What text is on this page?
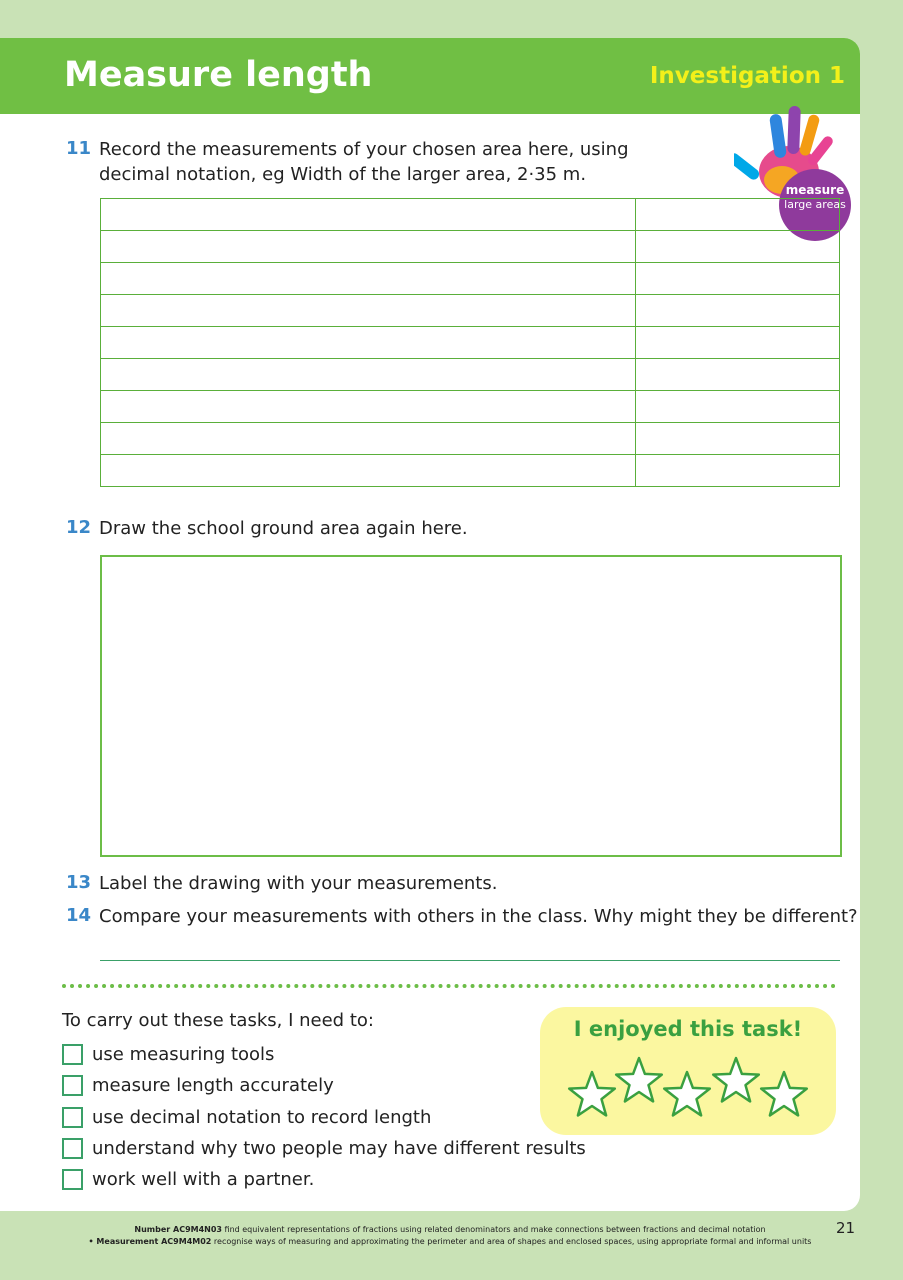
Measure length	Investigation 1
measure
large areas
11 Record the measurements of your chosen area here, using decimal notation, eg Width of the larger area, 2·35 m.

12 Draw the school ground area again here.
13 Label the drawing with your measurements.
14 Compare your measurements with others in the class. Why might they be different?
To carry out these tasks, I need to:
use measuring tools
measure length accurately
use decimal notation to record length
understand why two people may have different results
work well with a partner.
I enjoyed this task!
Number AC9M4N03 find equivalent representations of fractions using related denominators and make connections between fractions and decimal notation
• Measurement AC9M4M02 recognise ways of measuring and approximating the perimeter and area of shapes and enclosed spaces, using appropriate formal and informal units
21
